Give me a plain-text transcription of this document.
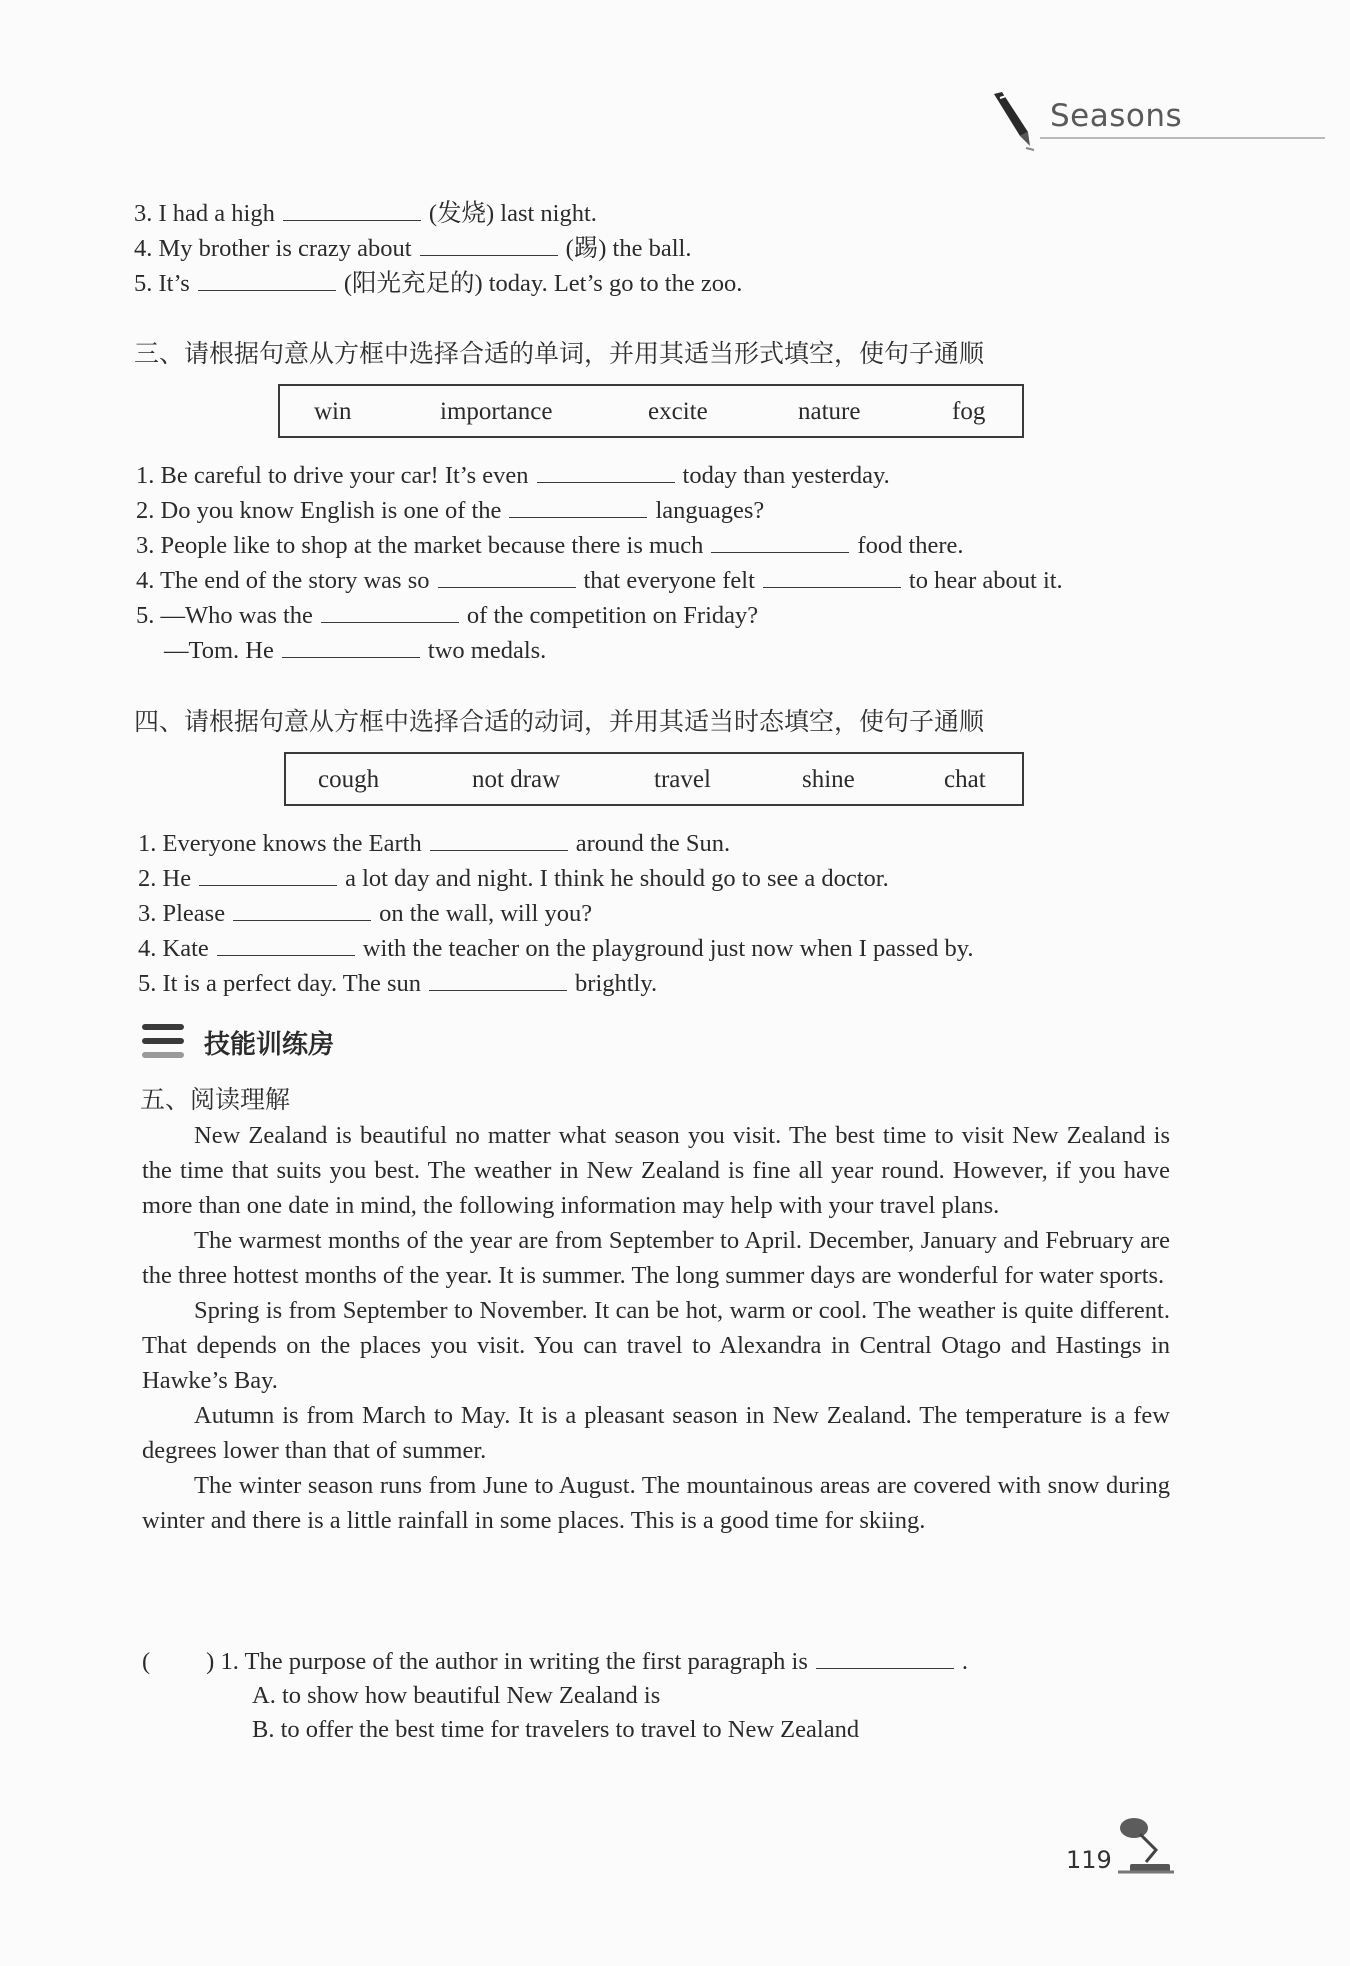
Seasons
3. I had a high	(发烧) last night.
4. My brother is crazy about	(踢) the ball.
5. It’s	(阳光充足的) today. Let’s go to the zoo.
三、请根据句意从方框中选择合适的单词，并用其适当形式填空，使句子通顺
win	importance	excite	nature	fog
1. Be careful to drive your car! It’s even	today than yesterday.
2. Do you know English is one of the	languages?
3. People like to shop at the market because there is much	food there.
4. The end of the story was so	that everyone felt	to hear about it.
5. —Who was the	of the competition on Friday?
—Tom. He	two medals.
四、请根据句意从方框中选择合适的动词，并用其适当时态填空，使句子通顺
cough	not draw	travel	shine	chat
1. Everyone knows the Earth	around the Sun.
2. He	a lot day and night. I think he should go to see a doctor.
3. Please	on the wall, will you?
4. Kate	with the teacher on the playground just now when I passed by.
5. It is a perfect day. The sun	brightly.
技能训练房
五、阅读理解

New Zealand is beautiful no matter what season you visit. The best time to visit New Zealand is the time that suits you best. The weather in New Zealand is fine all year round. However, if you have more than one date in mind, the following information may help with your travel plans.

The warmest months of the year are from September to April. December, January and February are the three hottest months of the year. It is summer. The long summer days are wonderful for water sports.

Spring is from September to November. It can be hot, warm or cool. The weather is quite different. That depends on the places you visit. You can travel to Alexandra in Central Otago and Hastings in Hawke’s Bay.

Autumn is from March to May. It is a pleasant season in New Zealand. The temperature is a few degrees lower than that of summer.

The winter season runs from June to August. The mountainous areas are covered with snow during winter and there is a little rainfall in some places. This is a good time for skiing.

( ) 1. The purpose of the author in writing the first paragraph is	.
A. to show how beautiful New Zealand is
B. to offer the best time for travelers to travel to New Zealand
119
